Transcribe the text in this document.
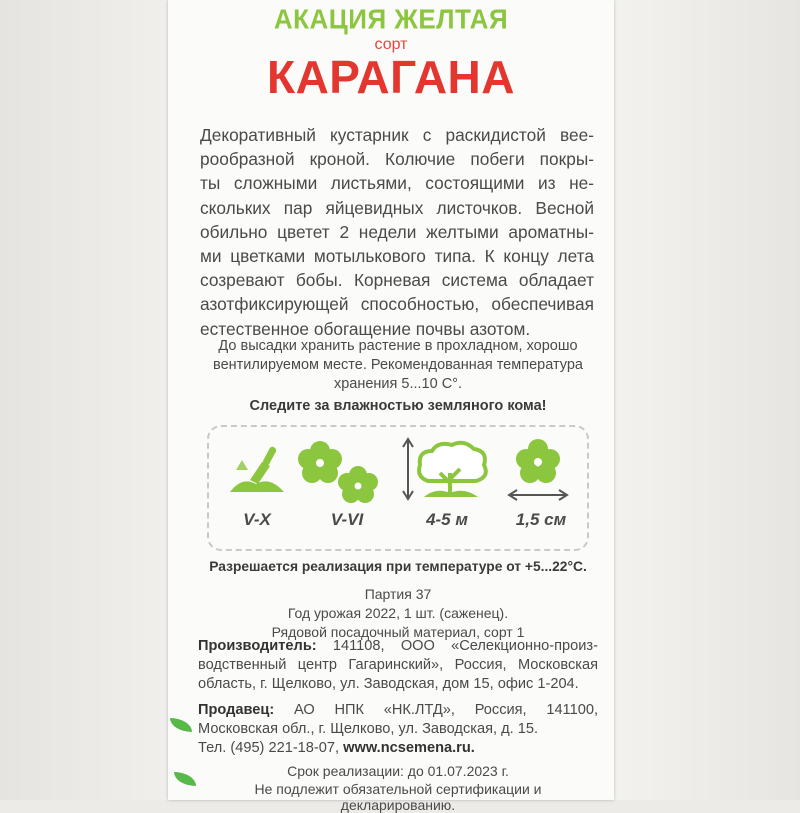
АКАЦИЯ ЖЕЛТАЯ
сорт
КАРАГАНА
Декоративный кустарник с раскидистой вее-
рообразной кроной. Колючие побеги покры-
ты сложными листьями, состоящими из не-
скольких пар яйцевидных листочков. Весной
обильно цветет 2 недели желтыми ароматны-
ми цветками мотылькового типа. К концу лета
созревают бобы. Корневая система обладает
азотфиксирующей способностью, обеспечивая
естественное обогащение почвы азотом.
До высадки хранить растение в прохладном, хорошо
вентилируемом месте. Рекомендованная температура
хранения 5...10 С°.
Следите за влажностью земляного кома!
V-X	V-VI	4-5 м	1,5 см
Разрешается реализация при температуре от +5...22°С.
Партия 37
Год урожая 2022, 1 шт. (саженец).
Рядовой посадочный материал, сорт 1
Производитель: 141108, ООО «Селекционно-произ-
водственный центр Гагаринский», Россия, Московская
область, г. Щелково, ул. Заводская, дом 15, офис 1-204.
Продавец: АО НПК «НК.ЛТД», Россия, 141100,
Московская обл., г. Щелково, ул. Заводская, д. 15.
Тел. (495) 221-18-07, www.ncsemena.ru.
Срок реализации: до 01.07.2023 г.
Не подлежит обязательной сертификации и декларированию.
